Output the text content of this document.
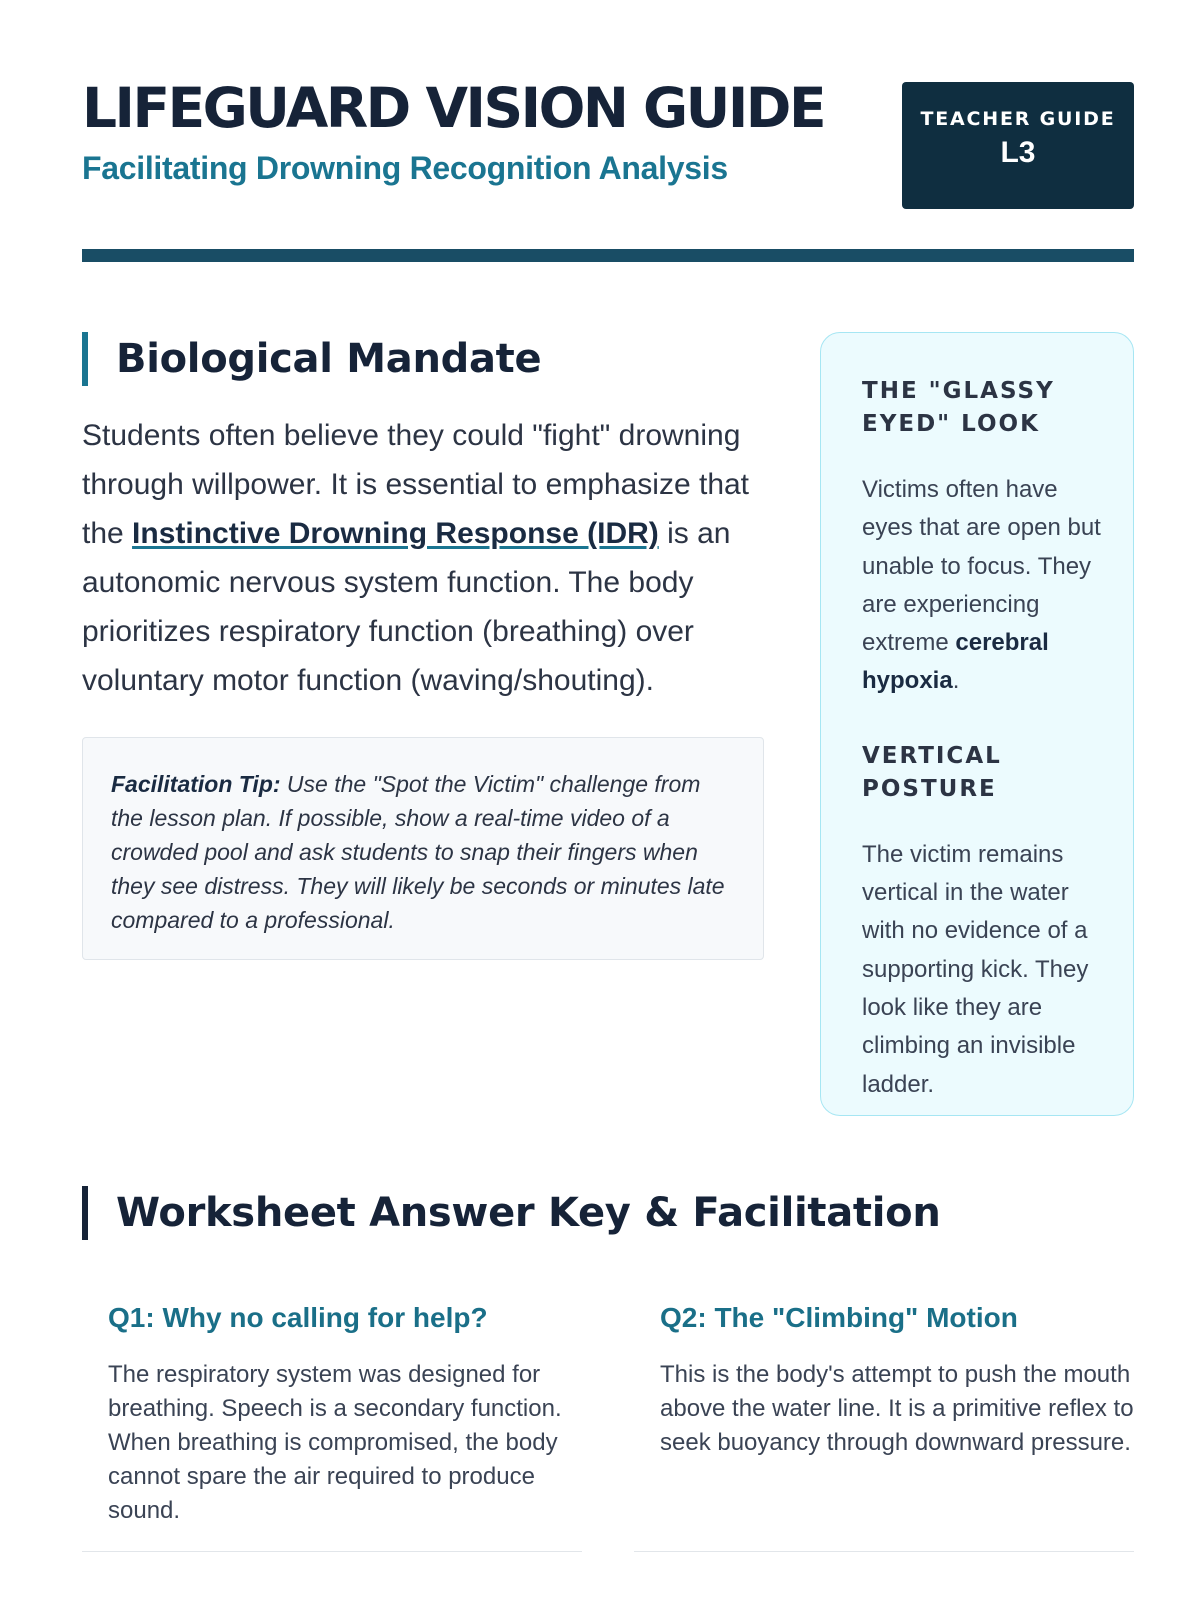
LIFEGUARD VISION GUIDE
Facilitating Drowning Recognition Analysis
TEACHER GUIDE
L3
Biological Mandate

Students often believe they could "fight" drowning through willpower. It is essential to emphasize that the Instinctive Drowning Response (IDR) is an autonomic nervous system function. The body prioritizes respiratory function (breathing) over voluntary motor function (waving/shouting).

Facilitation Tip: Use the "Spot the Victim" challenge from the lesson plan. If possible, show a real-time video of a crowded pool and ask students to snap their fingers when they see distress. They will likely be seconds or minutes late compared to a professional.
THE "GLASSY EYED" LOOK

Victims often have eyes that are open but unable to focus. They are experiencing extreme cerebral hypoxia.

VERTICAL POSTURE

The victim remains vertical in the water with no evidence of a supporting kick. They look like they are climbing an invisible ladder.

Worksheet Answer Key & Facilitation
Q1: Why no calling for help?

The respiratory system was designed for breathing. Speech is a secondary function. When breathing is compromised, the body cannot spare the air required to produce sound.

Q2: The "Climbing" Motion

This is the body's attempt to push the mouth above the water line. It is a primitive reflex to seek buoyancy through downward pressure.
